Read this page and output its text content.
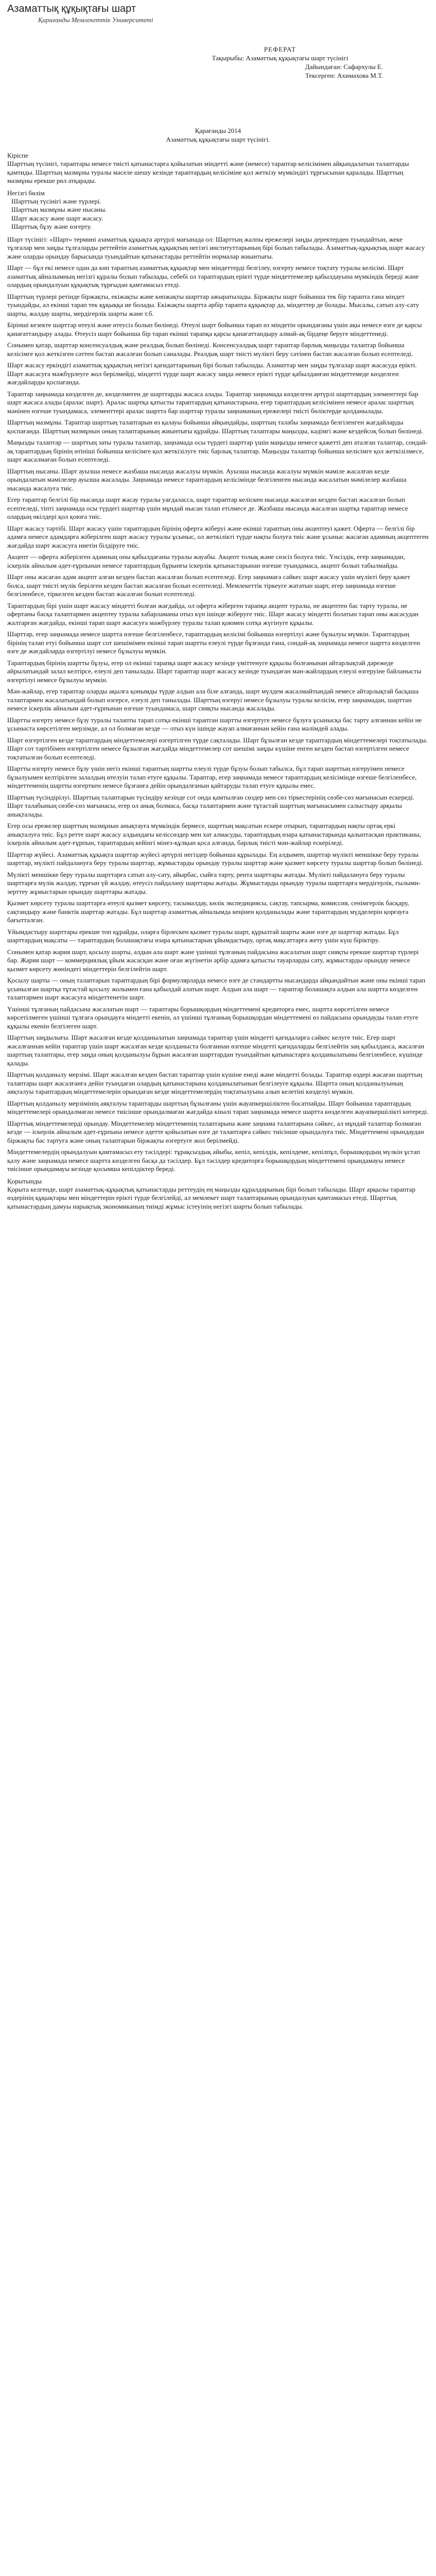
Азаматтық құқықтағы шарт
Қарағанды Мемлекеттік Университеті
РЕФЕРАТ
Тақырыбы: Азаматтық құқықтағы шарт түсінігі
Дайындаған: Сафархулы Е.
Тексерген: Ахимахова М.Т.
Қарағанды 2014
Азаматтық құқықтағы шарт түсінігі.

Кіріспе

Шарттың түсінігі, тараптары немесе тиісті қатынастарға қойылатын міндетті және (немесе) тараптар келісімімен айқындалатын талаптарды қамтиды. Шарттың мазмұны туралы мәселе шешу кезінде тараптардың келісіміне қол жеткізу мүмкіндігі тұрғысынан қаралады. Шарттың мазмұны ерекше рөл атқарады.

Негізгі бөлім

Шарттың түсінігі және түрлері.

Шарттың мазмұны және нысаны.

Шарт жасасу және шарт жасасу.

Шарттық бұзу және өзгерту.

Шарт түсінігі: «Шарт» термині азаматтық құқықта әртүрлі мағынада ол: Шарттың жалпы ережелері заңды деректерден туындайтын, жеке тұлғалар мен заңды тұлғаларды реттейтін азаматтық құқықтың негізгі институттарының бірі болып табылады. Азаматтық-құқықтық шарт жасасу және оларды орындау барысында туындайтын қатынастарды реттейтін нормалар жиынтығы.

Шарт — бұл екі немесе одан да көп тараптың азаматтық құқықтар мен міндеттерді белгілеу, өзгерту немесе тоқтату туралы келісімі. Шарт азаматтық айналымның негізгі құралы болып табылады, себебі ол тараптардың ерікті түрде міндеттемелер қабылдауына мүмкіндік береді және олардың орындалуын құқықтық тұрғыдан қамтамасыз етеді.

Шарттың түрлері ретінде біржақты, екіжақты және көпжақты шарттар ажыратылады. Біржақты шарт бойынша тек бір тарапта ғана міндет туындайды, ал екінші тарап тек құқыққа ие болады. Екіжақты шартта әрбір тарапта құқықтар да, міндеттер де болады. Мысалы, сатып алу-сату шарты, жалдау шарты, мердігерлік шарты және т.б.

Бірінші кезекте шарттар өтеулі және өтеусіз болып бөлінеді. Өтеулі шарт бойынша тарап өз міндетін орындағаны үшін ақы немесе өзге де қарсы қанағаттандыру алады. Өтеусіз шарт бойынша бір тарап екінші тарапқа қарсы қанағаттандыру алмай-ақ бірдеңе беруге міндеттенеді.

Сонымен қатар, шарттар консенсуалдық және реалдық болып бөлінеді. Консенсуалдық шарт тараптар барлық маңызды талаптар бойынша келісімге қол жеткізген сәттен бастап жасалған болып саналады. Реалдық шарт тиісті мүлікті беру сәтінен бастап жасалған болып есептеледі.

Шарт жасасу еркіндігі азаматтық құқықтың негізгі қағидаттарының бірі болып табылады. Азаматтар мен заңды тұлғалар шарт жасасуда ерікті. Шарт жасасуға мәжбүрлеуге жол берілмейді, міндетті түрде шарт жасасу заңда немесе ерікті түрде қабылданған міндеттемеде көзделген жағдайларды қоспағанда.

Тараптар заңнамада көзделген де, көзделмеген де шарттарды жасаса алады. Тараптар заңнамада көзделген әртүрлі шарттардың элементтері бар шарт жасаса алады (аралас шарт). Аралас шартқа қатысты тараптардың қатынастарына, егер тараптардың келісімінен немесе аралас шарттың мәнінен өзгеше туындамаса, элементтері аралас шартта бар шарттар туралы заңнаманың ережелері тиісті бөліктерде қолданылады.

Шарттың мазмұны. Тараптар шарттың талаптарын өз қалауы бойынша айқындайды, шарттың талабы заңнамада белгіленген жағдайларды қоспағанда. Шарттың мазмұнын оның талаптарының жиынтығы құрайды. Шарттың талаптары маңызды, кәдімгі және кездейсоқ болып бөлінеді.

Маңызды талаптар — шарттың заты туралы талаптар, заңнамада осы түрдегі шарттар үшін маңызды немесе қажетті деп аталған талаптар, сондай-ақ тараптардың бірінің өтініші бойынша келісімге қол жеткізілуге тиіс барлық талаптар. Маңызды талаптар бойынша келісімге қол жеткізілмесе, шарт жасалмаған болып есептеледі.

Шарттың нысаны. Шарт ауызша немесе жазбаша нысанда жасалуы мүмкін. Ауызша нысанда жасалуы мүмкін мәміле жасалған кезде орындалатын мәмілелер ауызша жасалады. Заңнамада немесе тараптардың келісімінде белгіленген нысанда жасалатын мәмілелер жазбаша нысанда жасалуға тиіс.

Егер тараптар белгілі бір нысанда шарт жасау туралы уағдаласса, шарт тараптар келіскен нысанда жасалған кезден бастап жасалған болып есептеледі, тіпті заңнамада осы түрдегі шарттар үшін мұндай нысан талап етілмесе де. Жазбаша нысанда жасалған шартқа тараптар немесе олардың өкілдері қол қоюға тиіс.

Шарт жасасу тәртібі. Шарт жасасу үшін тараптардың бірінің оферта жіберуі және екінші тараптың оны акцептеуі қажет. Оферта — белгілі бір адамға немесе адамдарға жіберілген шарт жасасу туралы ұсыныс, ол жеткілікті түрде нақты болуға тиіс және ұсыныс жасаған адамның акцептеген жағдайда шарт жасасуға ниетін білдіруге тиіс.

Акцепт — оферта жіберілген адамның оны қабылдағаны туралы жауабы. Акцепт толық және сөзсіз болуға тиіс. Үнсіздік, егер заңнамадан, іскерлік айналым әдет-ғұрпынан немесе тараптардың бұрынғы іскерлік қатынастарынан өзгеше туындамаса, акцепт болып табылмайды.

Шарт оны жасаған адам акцепт алған кезден бастап жасалған болып есептеледі. Егер заңнамаға сәйкес шарт жасасу үшін мүлікті беру қажет болса, шарт тиісті мүлік берілген кезден бастап жасалған болып есептеледі. Мемлекеттік тіркеуге жататын шарт, егер заңнамада өзгеше белгіленбесе, тіркелген кезден бастап жасалған болып есептеледі.

Тараптардың бірі үшін шарт жасасу міндетті болған жағдайда, ол оферта жіберген тарапқа акцепт туралы, не акцептен бас тарту туралы, не офертаны басқа талаптармен акцептеу туралы хабарламаны отыз күн ішінде жіберуге тиіс. Шарт жасасу міндетті болатын тарап оны жасасудан жалтарған жағдайда, екінші тарап шарт жасасуға мәжбүрлеу туралы талап қоюмен сотқа жүгінуге құқылы.

Шарттар, егер заңнамада немесе шартта өзгеше белгіленбесе, тараптардың келісімі бойынша өзгертілуі және бұзылуы мүмкін. Тараптардың бірінің талап етуі бойынша шарт сот шешімімен екінші тарап шартты елеулі түрде бұзғанда ғана, сондай-ақ заңнамада немесе шартта көзделген өзге де жағдайларда өзгертілуі немесе бұзылуы мүмкін.

Тараптардың бірінің шартты бұзуы, егер ол екінші тарапқа шарт жасасу кезінде үміттенуге құқылы болғанынан айтарлықтай дәрежеде айрылатындай залал келтірсе, елеулі деп танылады. Шарт тараптар шарт жасасу кезінде туындаған мән-жайлардың елеулі өзгеруіне байланысты өзгертілуі немесе бұзылуы мүмкін.

Мән-жайлар, егер тараптар оларды ақылға қонымды түрде алдын ала біле алғанда, шарт мүлдем жасалмайтындай немесе айтарлықтай басқаша талаптармен жасалатындай болып өзгерсе, елеулі деп танылады. Шарттың өзгеруі немесе бұзылуы туралы келісім, егер заңнамадан, шарттан немесе іскерлік айналым әдет-ғұрпынан өзгеше туындамаса, шарт сияқты нысанда жасалады.

Шартты өзгерту немесе бұзу туралы талапты тарап сотқа екінші тараптан шартты өзгертуге немесе бұзуға ұсынысқа бас тарту алғаннан кейін не ұсыныста көрсетілген мерзімде, ал ол болмаған кезде — отыз күн ішінде жауап алмағаннан кейін ғана мәлімдей алады.

Шарт өзгертілген кезде тараптардың міндеттемелері өзгертілген түрде сақталады. Шарт бұзылған кезде тараптардың міндеттемелері тоқтатылады. Шарт сот тәртібімен өзгертілген немесе бұзылған жағдайда міндеттемелер сот шешімі заңды күшіне енген кезден бастап өзгертілген немесе тоқтатылған болып есептеледі.

Шартты өзгерту немесе бұзу үшін негіз екінші тараптың шартты елеулі түрде бұзуы болып табылса, бұл тарап шарттың өзгеруімен немесе бұзылуымен келтірілген залалдың өтелуін талап етуге құқылы. Тараптар, егер заңнамада немесе тараптардың келісімінде өзгеше белгіленбесе, міндеттеменің шартты өзгерткен немесе бұзғанға дейін орындалғанын қайтаруды талап етуге құқылы емес.

Шарттың түсіндірілуі. Шарттың талаптарын түсіндіру кезінде сот онда қамтылған сөздер мен сөз тіркестерінің сөзбе-сөз мағынасын ескереді. Шарт талабының сөзбе-сөз мағынасы, егер ол анық болмаса, басқа талаптармен және тұтастай шарттың мағынасымен салыстыру арқылы анықталады.

Егер осы ережелер шарттың мазмұнын анықтауға мүмкіндік бермесе, шарттың мақсатын ескере отырып, тараптардың нақты ортақ еркі анықталуға тиіс. Бұл ретте шарт жасасу алдындағы келіссөздер мен хат алмасуды, тараптардың өзара қатынастарында қалыптасқан практиканы, іскерлік айналым әдет-ғұрпын, тараптардың кейінгі мінез-құлқын қоса алғанда, барлық тиісті мән-жайлар ескеріледі.

Шарттар жүйесі. Азаматтық құқықта шарттар жүйесі әртүрлі негіздер бойынша құрылады. Ең алдымен, шарттар мүлікті меншікке беру туралы шарттар, мүлікті пайдалануға беру туралы шарттар, жұмыстарды орындау туралы шарттар және қызмет көрсету туралы шарттар болып бөлінеді.

Мүлікті меншікке беру туралы шарттарға сатып алу-сату, айырбас, сыйға тарту, рента шарттары жатады. Мүлікті пайдалануға беру туралы шарттарға мүлік жалдау, тұрғын үй жалдау, өтеусіз пайдалану шарттары жатады. Жұмыстарды орындау туралы шарттарға мердігерлік, ғылыми-зерттеу жұмыстарын орындау шарттары жатады.

Қызмет көрсету туралы шарттарға өтеулі қызмет көрсету, тасымалдау, көлік экспедициясы, сақтау, тапсырма, комиссия, сенімгерлік басқару, сақтандыру және банктік шарттар жатады. Бұл шарттар азаматтық айналымда кеңінен қолданылады және тараптардың мүдделерін қорғауға бағытталған.

Ұйымдастыру шарттары ерекше топ құрайды, оларға бірлескен қызмет туралы шарт, құрылтай шарты және өзге де шарттар жатады. Бұл шарттардың мақсаты — тараптардың болашақтағы өзара қатынастарын ұйымдастыру, ортақ мақсаттарға жету үшін күш біріктіру.

Сонымен қатар жария шарт, қосылу шарты, алдын ала шарт және үшінші тұлғаның пайдасына жасалатын шарт сияқты ерекше шарттар түрлері бар. Жария шарт — коммерциялық ұйым жасасқан және оған жүгінетін әрбір адамға қатысты тауарларды сату, жұмыстарды орындау немесе қызмет көрсету жөніндегі міндеттерін белгілейтін шарт.

Қосылу шарты — оның талаптарын тараптардың бірі формулярларда немесе өзге де стандартты нысандарда айқындайтын және оны екінші тарап ұсынылған шартқа тұтастай қосылу жолымен ғана қабылдай алатын шарт. Алдын ала шарт — тараптар болашақта алдын ала шартта көзделген талаптармен шарт жасасуға міндеттенетін шарт.

Үшінші тұлғаның пайдасына жасалатын шарт — тараптары борышқордың міндеттемені кредиторға емес, шартта көрсетілген немесе көрсетілмеген үшінші тұлғаға орындауға міндетті екенін, ал үшінші тұлғаның борышқордан міндеттемені өз пайдасына орындауды талап етуге құқылы екенін белгілеген шарт.

Шарттың заңдылығы. Шарт жасалған кезде қолданылатын заңнамада тараптар үшін міндетті қағидаларға сәйкес келуге тиіс. Егер шарт жасалғаннан кейін тараптар үшін шарт жасалған кезде қолданыста болғаннан өзгеше міндетті қағидаларды белгілейтін заң қабылданса, жасалған шарттың талаптары, егер заңда оның қолданылуы бұрын жасалған шарттардан туындайтын қатынастарға қолданылатыны белгіленбесе, күшінде қалады.

Шарттың қолданылу мерзімі. Шарт жасалған кезден бастап тараптар үшін күшіне енеді және міндетті болады. Тараптар өздері жасаған шарттың талаптары шарт жасалғанға дейін туындаған олардың қатынастарына қолданылатынын белгілеуге құқылы. Шартта оның қолданылуының аяқталуы тараптардың міндеттемелерін орындаған кезде міндеттемелердің тоқтатылуына алып келетіні көзделуі мүмкін.

Шарттың қолданылу мерзімінің аяқталуы тараптарды шарттың бұзылғаны үшін жауапкершіліктен босатпайды. Шарт бойынша тараптардың міндеттемелері орындалмаған немесе тиісінше орындалмаған жағдайда кінәлі тарап заңнамада немесе шартта көзделген жауапкершілікті көтереді.

Шарттық міндеттемелерді орындау. Міндеттемелер міндеттеменің талаптарына және заңнама талаптарына сәйкес, ал мұндай талаптар болмаған кезде — іскерлік айналым әдет-ғұрпына немесе әдетте қойылатын өзге де талаптарға сәйкес тиісінше орындалуға тиіс. Міндеттемені орындаудан біржақты бас тартуға және оның талаптарын біржақты өзгертуге жол берілмейді.

Міндеттемелердің орындалуын қамтамасыз ету тәсілдері: тұрақсыздық айыбы, кепіл, кепілдік, кепілдеме, кепілпұл, борышқордың мүлкін ұстап қалу және заңнамада немесе шартта көзделген басқа да тәсілдер. Бұл тәсілдер кредиторға борышқордың міндеттемені орындамауы немесе тиісінше орындамауы кезінде қосымша кепілдіктер береді.

Қорытынды

Қорыта келгенде, шарт азаматтық-құқықтық қатынастарды реттеудің ең маңызды құралдарының бірі болып табылады. Шарт арқылы тараптар өздерінің құқықтары мен міндеттерін ерікті түрде белгілейді, ал мемлекет шарт талаптарының орындалуын қамтамасыз етеді. Шарттық қатынастардың дамуы нарықтық экономиканың тиімді жұмыс істеуінің негізгі шарты болып табылады.
